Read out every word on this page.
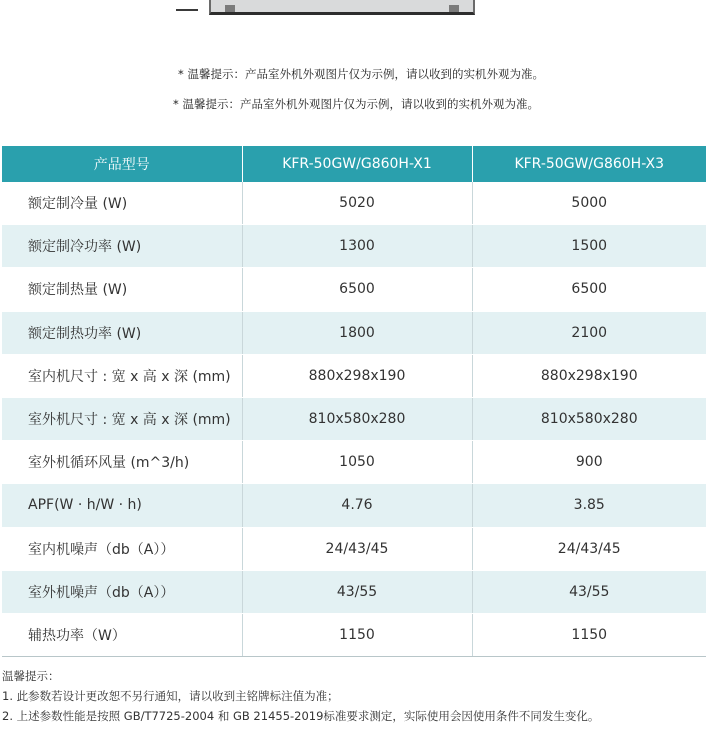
* 温馨提示：产品室外机外观图片仅为示例，请以收到的实机外观为准。
* 温馨提示：产品室外机外观图片仅为示例，请以收到的实机外观为准。
产品型号	KFR-50GW/G860H-X1	KFR-50GW/G860H-X3
额定制冷量 (W)	5020	5000
额定制冷功率 (W)	1300	1500
额定制热量 (W)	6500	6500
额定制热功率 (W)	1800	2100
室内机尺寸 : 宽 x 高 x 深 (mm)	880x298x190	880x298x190
室外机尺寸 : 宽 x 高 x 深 (mm)	810x580x280	810x580x280
室外机循环风量 (m^3/h)	1050	900
APF(W · h/W · h)	4.76	3.85
室内机噪声（db（A））	24/43/45	24/43/45
室外机噪声（db（A））	43/55	43/55
辅热功率（W）	1150	1150
温馨提示：
1. 此参数若设计更改恕不另行通知，请以收到主铭牌标注值为准；
2. 上述参数性能是按照 GB/T7725-2004 和 GB 21455-2019标准要求测定，实际使用会因使用条件不同发生变化。
